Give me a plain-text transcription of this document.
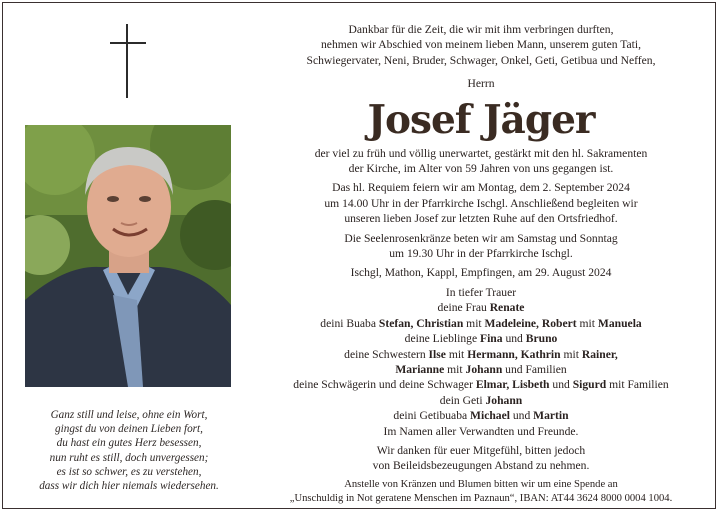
Ganz still und leise, ohne ein Wort,
gingst du von deinen Lieben fort,
du hast ein gutes Herz besessen,
nun ruht es still, doch unvergessen;
es ist so schwer, es zu verstehen,
dass wir dich hier niemals wiedersehen.
Dankbar für die Zeit, die wir mit ihm verbringen durften,
nehmen wir Abschied von meinem lieben Mann, unserem guten Tati,
Schwiegervater, Neni, Bruder, Schwager, Onkel, Geti, Getibua und Neffen,
Herrn
Josef Jäger
der viel zu früh und völlig unerwartet, gestärkt mit den hl. Sakramenten
der Kirche, im Alter von 59 Jahren von uns gegangen ist.
Das hl. Requiem feiern wir am Montag, dem 2. September 2024
um 14.00 Uhr in der Pfarrkirche Ischgl. Anschließend begleiten wir
unseren lieben Josef zur letzten Ruhe auf den Ortsfriedhof.
Die Seelenrosenkränze beten wir am Samstag und Sonntag
um 19.30 Uhr in der Pfarrkirche Ischgl.
Ischgl, Mathon, Kappl, Empfingen, am 29. August 2024
In tiefer Trauer
deine Frau Renate
deini Buaba Stefan, Christian mit Madeleine, Robert mit Manuela
deine Lieblinge Fina und Bruno
deine Schwestern Ilse mit Hermann, Kathrin mit Rainer,
Marianne mit Johann und Familien
deine Schwägerin und deine Schwager Elmar, Lisbeth und Sigurd mit Familien
dein Geti Johann
deini Getibuaba Michael und Martin
Im Namen aller Verwandten und Freunde.
Wir danken für euer Mitgefühl, bitten jedoch
von Beileidsbezeugungen Abstand zu nehmen.
Anstelle von Kränzen und Blumen bitten wir um eine Spende an
„Unschuldig in Not geratene Menschen im Paznaun“, IBAN: AT44 3624 8000 0004 1004.
